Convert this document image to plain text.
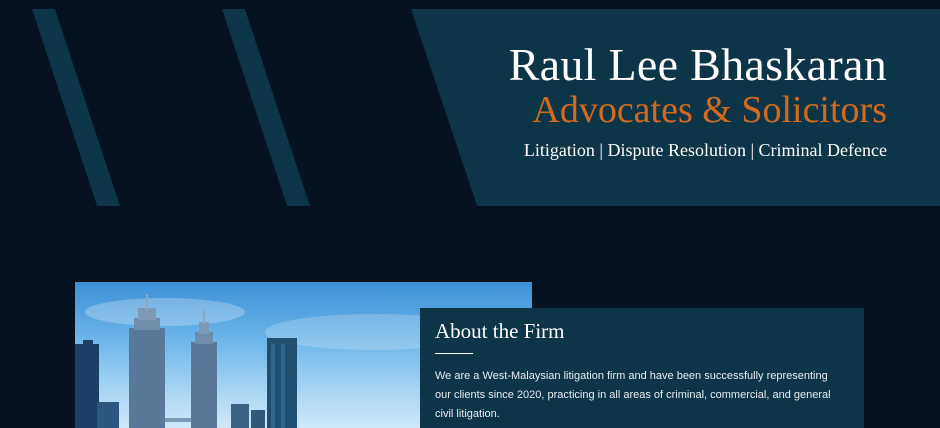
Raul Lee Bhaskaran
Advocates & Solicitors
Litigation | Dispute Resolution | Criminal Defence
About the Firm
We are a West-Malaysian litigation firm and have been successfully representing our clients since 2020, practicing in all areas of criminal, commercial, and general civil litigation.
